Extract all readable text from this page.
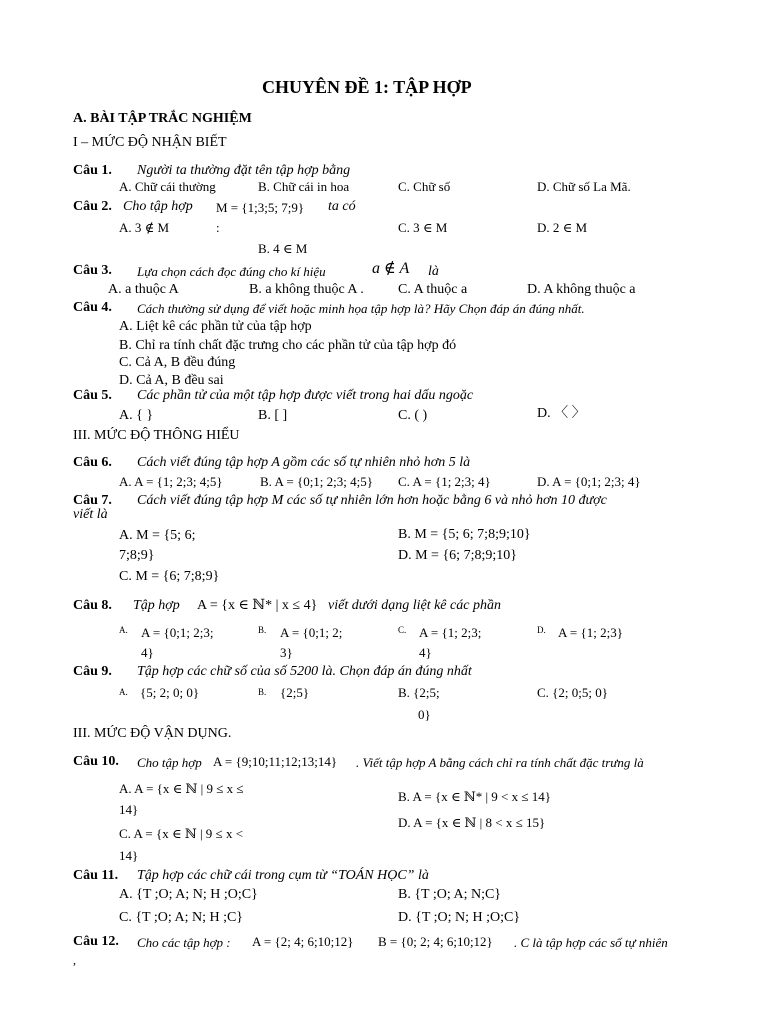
CHUYÊN ĐỀ 1: TẬP HỢP
A. BÀI TẬP TRẮC NGHIỆM
I – MỨC ĐỘ NHẬN BIẾT
Câu 1. Người ta thường đặt tên tập hợp bằng
A. Chữ cái thường	B. Chữ cái in hoa	C. Chữ số	D. Chữ số La Mã.
Câu 2. Cho tập hợp M = {1;3;5; 7;9} ta có
A. 3 ∉ M	:	C. 3 ∈ M	D. 2 ∈ M
B. 4 ∈ M
Câu 3. Lựa chọn cách đọc đúng cho kí hiệu	a ∉ A là
A. a thuộc A	B. a không thuộc A . C. A thuộc a	D. A không thuộc a
Câu 4. Cách thường sử dụng để viết hoặc minh họa tập hợp là? Hãy Chọn đáp án đúng nhất.
A. Liệt kê các phần tử của tập hợp
B. Chỉ ra tính chất đặc trưng cho các phần tử của tập hợp đó
C. Cả A, B đều đúng
D. Cả A, B đều sai
Câu 5. Các phần tử của một tập hợp được viết trong hai dấu ngoặc
A. { }	B. [ ]	C. ( )	D. 〈 〉
III. MỨC ĐỘ THÔNG HIỂU
Câu 6. Cách viết đúng tập hợp A gồm các số tự nhiên nhỏ hơn 5 là
A. A = {1; 2;3; 4;5}	B. A = {0;1; 2;3; 4;5} C. A = {1; 2;3; 4}	D. A = {0;1; 2;3; 4}
Câu 7. Cách viết đúng tập hợp M các số tự nhiên lớn hơn hoặc bằng 6 và nhỏ hơn 10 được
viết là
A. M = {5; 6;
7;8;9}
B. M = {5; 6; 7;8;9;10}
D. M = {6; 7;8;9;10}
C. M = {6; 7;8;9}
Câu 8. Tập hợp A = {x ∈ ℕ* | x ≤ 4} viết dưới dạng liệt kê các phần
A. A = {0;1; 2;3;
4}
B. A = {0;1; 2;
3}
C. A = {1; 2;3;
4}
D. A = {1; 2;3}
Câu 9. Tập hợp các chữ số của số 5200 là. Chọn đáp án đúng nhất
A. {5; 2; 0; 0}	B. {2;5}	B. {2;5;
0}
C. {2; 0;5; 0}
III. MỨC ĐỘ VẬN DỤNG.
Câu 10. Cho tập hợp A = {9;10;11;12;13;14} . Viết tập hợp A bằng cách chỉ ra tính chất đặc trưng là
A. A = {x ∈ ℕ | 9 ≤ x ≤
14}
B. A = {x ∈ ℕ* | 9 < x ≤ 14}
C. A = {x ∈ ℕ | 9 ≤ x <
14}
D. A = {x ∈ ℕ | 8 < x ≤ 15}
Câu 11. Tập hợp các chữ cái trong cụm từ “TOÁN HỌC” là
A. {T ;O; A; N; H ;O;C}	B. {T ;O; A; N;C}
C. {T ;O; A; N; H ;C}	D. {T ;O; N; H ;O;C}
Câu 12. Cho các tập hợp : A = {2; 4; 6;10;12} B = {0; 2; 4; 6;10;12} . C là tập hợp các số tự nhiên
,
